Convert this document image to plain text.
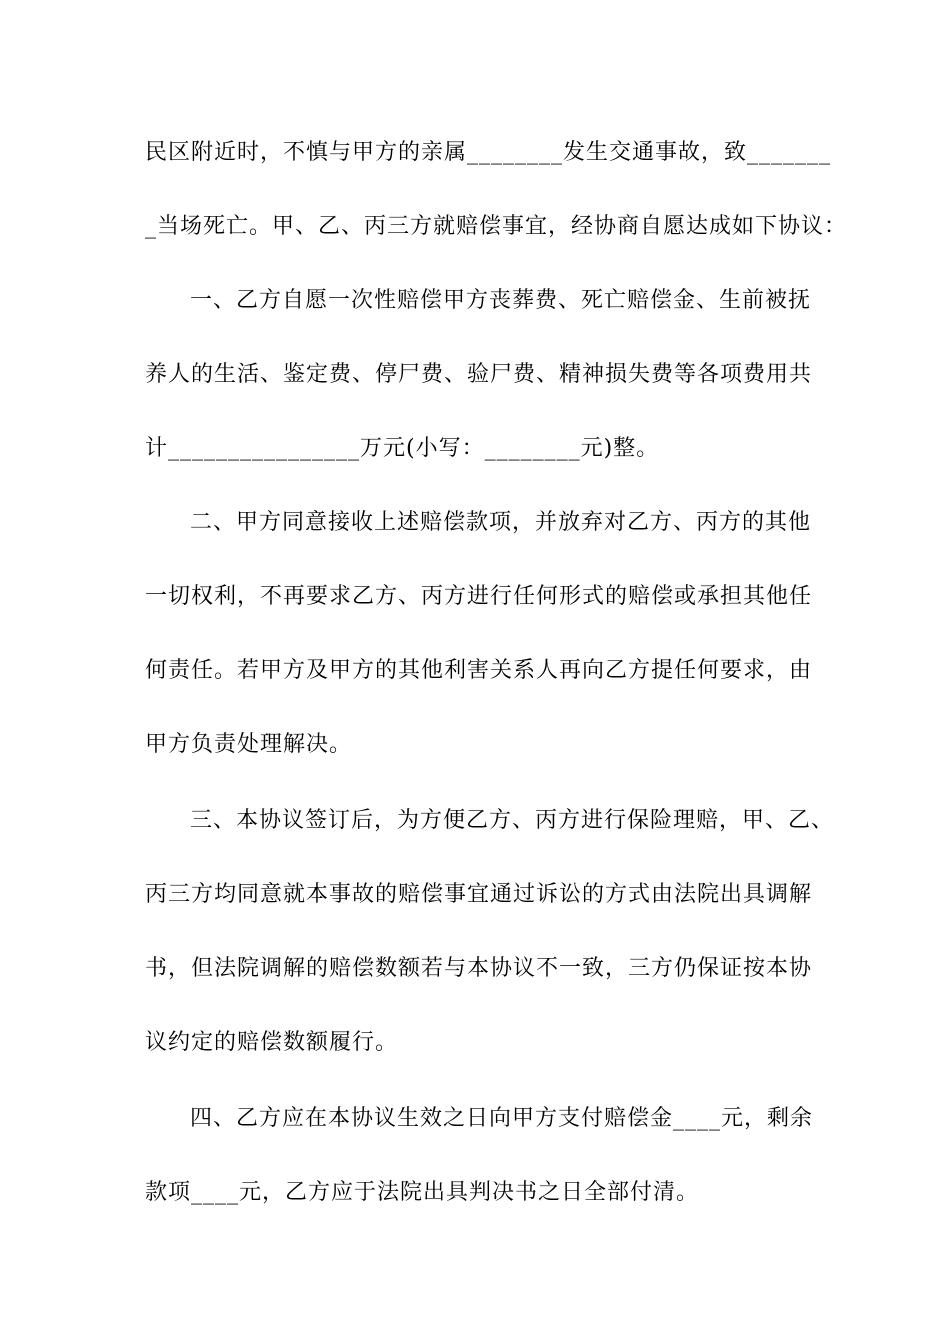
民区附近时，不慎与甲方的亲属________发生交通事故，致_______
_当场死亡。甲、乙、丙三方就赔偿事宜，经协商自愿达成如下协议：
一、乙方自愿一次性赔偿甲方丧葬费、死亡赔偿金、生前被抚
养人的生活、鉴定费、停尸费、验尸费、精神损失费等各项费用共
计________________万元(小写：________元)整。
二、甲方同意接收上述赔偿款项，并放弃对乙方、丙方的其他
一切权利，不再要求乙方、丙方进行任何形式的赔偿或承担其他任
何责任。若甲方及甲方的其他利害关系人再向乙方提任何要求，由
甲方负责处理解决。
三、本协议签订后，为方便乙方、丙方进行保险理赔，甲、乙、
丙三方均同意就本事故的赔偿事宜通过诉讼的方式由法院出具调解
书，但法院调解的赔偿数额若与本协议不一致，三方仍保证按本协
议约定的赔偿数额履行。
四、乙方应在本协议生效之日向甲方支付赔偿金____元，剩余
款项____元，乙方应于法院出具判决书之日全部付清。
